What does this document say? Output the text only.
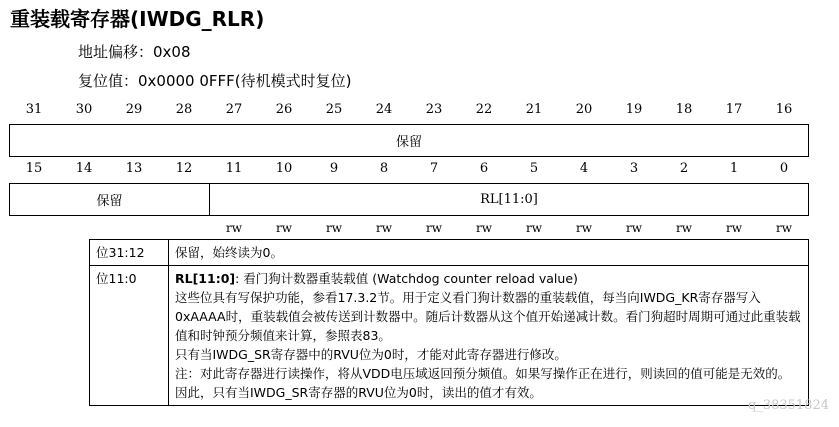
重装载寄存器(IWDG_RLR)
地址偏移：0x08
复位值：0x0000 0FFF(待机模式时复位)
31	30	29	28	27	26	25	24	23	22	21	20	19	18	17	16
保留
15	14	13	12	11	10	9	8	7	6	5	4	3	2	1	0
保留	RL[11:0]
rw	rw	rw	rw	rw	rw	rw	rw	rw	rw	rw	rw
位31:12	保留，始终读为0。
位11:0	RL[11:0]: 看门狗计数器重装载值 (Watchdog counter reload value)
这些位具有写保护功能，参看17.3.2节。用于定义看门狗计数器的重装载值，每当向IWDG_KR寄存器写入0xAAAA时，重装载值会被传送到计数器中。随后计数器从这个值开始递减计数。看门狗超时周期可通过此重装载值和时钟预分频值来计算，参照表83。
只有当IWDG_SR寄存器中的RVU位为0时，才能对此寄存器进行修改。
注：对此寄存器进行读操作，将从VDD电压域返回预分频值。如果写操作正在进行，则读回的值可能是无效的。因此，只有当IWDG_SR寄存器的RVU位为0时，读出的值才有效。
q_38351824
